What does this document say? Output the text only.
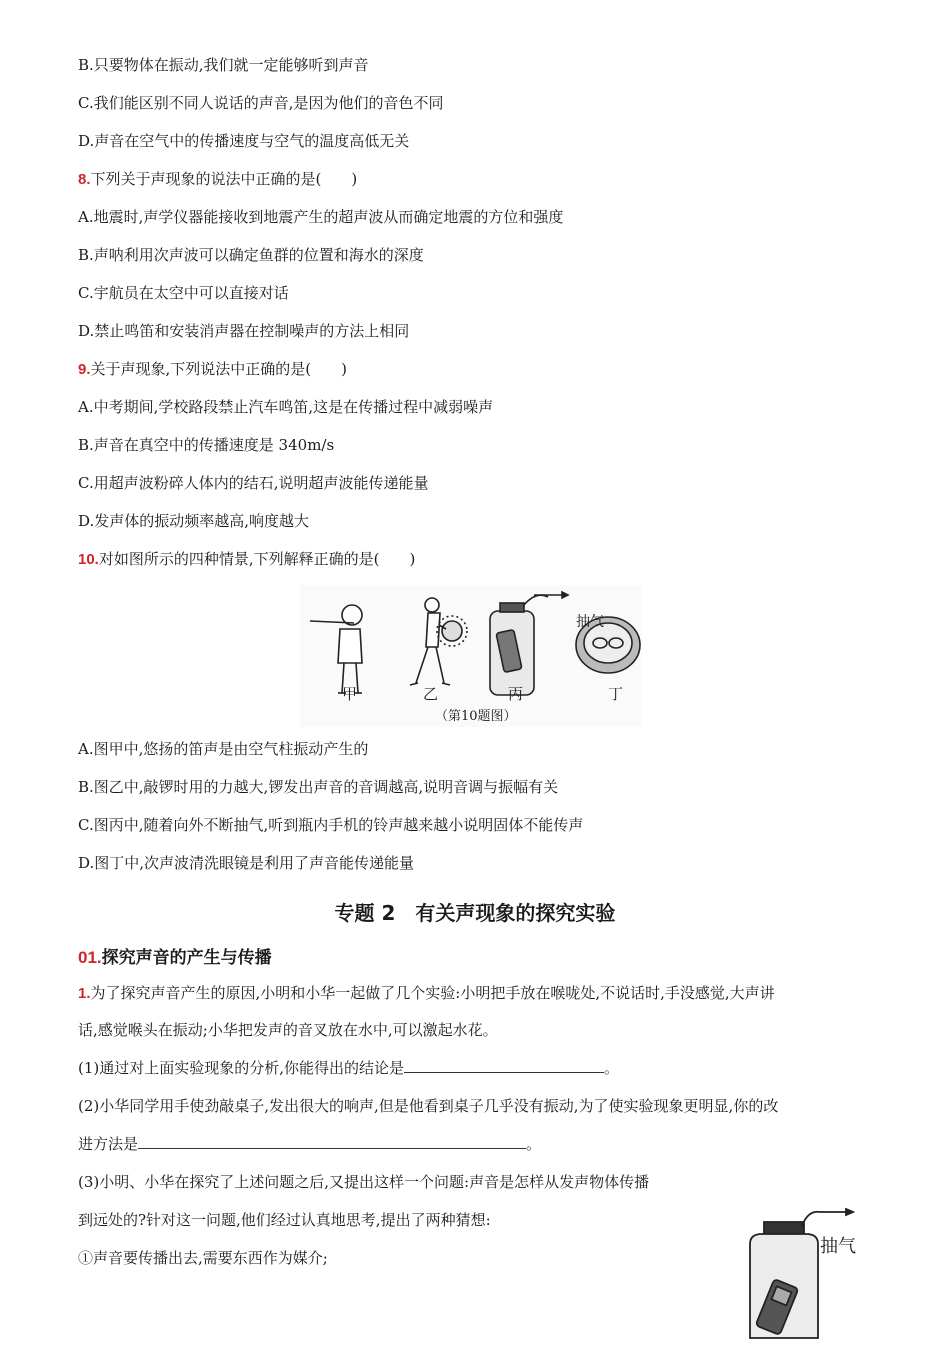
B.只要物体在振动,我们就一定能够听到声音
C.我们能区别不同人说话的声音,是因为他们的音色不同
D.声音在空气中的传播速度与空气的温度高低无关
8.下列关于声现象的说法中正确的是(　　)
A.地震时,声学仪器能接收到地震产生的超声波从而确定地震的方位和强度
B.声呐利用次声波可以确定鱼群的位置和海水的深度
C.宇航员在太空中可以直接对话
D.禁止鸣笛和安装消声器在控制噪声的方法上相同
9.关于声现象,下列说法中正确的是(　　)
A.中考期间,学校路段禁止汽车鸣笛,这是在传播过程中减弱噪声
B.声音在真空中的传播速度是 340m/s
C.用超声波粉碎人体内的结石,说明超声波能传递能量
D.发声体的振动频率越高,响度越大
10.对如图所示的四种情景,下列解释正确的是(　　)
抽气
甲	乙	丙	丁
（第10题图）
A.图甲中,悠扬的笛声是由空气柱振动产生的
B.图乙中,敲锣时用的力越大,锣发出声音的音调越高,说明音调与振幅有关
C.图丙中,随着向外不断抽气,听到瓶内手机的铃声越来越小说明固体不能传声
D.图丁中,次声波清洗眼镜是利用了声音能传递能量
专题 2　有关声现象的探究实验
01.探究声音的产生与传播
1.为了探究声音产生的原因,小明和小华一起做了几个实验:小明把手放在喉咙处,不说话时,手没感觉,大声讲
话,感觉喉头在振动;小华把发声的音叉放在水中,可以激起水花。
(1)通过对上面实验现象的分析,你能得出的结论是	。
(2)小华同学用手使劲敲桌子,发出很大的响声,但是他看到桌子几乎没有振动,为了使实验现象更明显,你的改
进方法是	。
(3)小明、小华在探究了上述问题之后,又提出这样一个问题:声音是怎样从发声物体传播
到远处的?针对这一问题,他们经过认真地思考,提出了两种猜想:
①声音要传播出去,需要东西作为媒介;
抽气
